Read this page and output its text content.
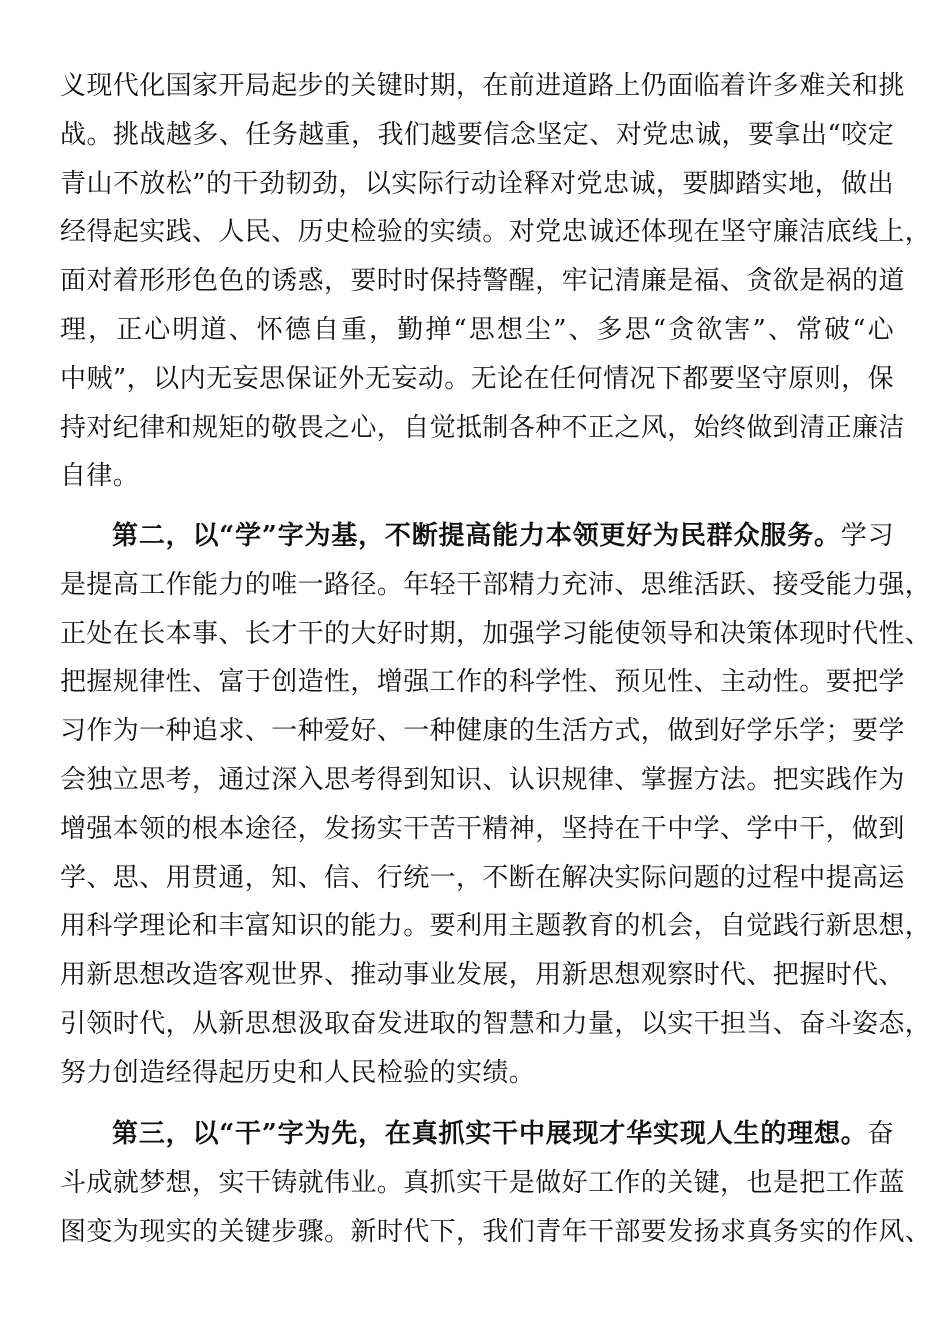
义现代化国家开局起步的关键时期，在前进道路上仍面临着许多难关和挑
战。挑战越多、任务越重，我们越要信念坚定、对党忠诚，要拿出“咬定
青山不放松”的干劲韧劲，以实际行动诠释对党忠诚，要脚踏实地，做出
经得起实践、人民、历史检验的实绩。对党忠诚还体现在坚守廉洁底线上，
面对着形形色色的诱惑，要时时保持警醒，牢记清廉是福、贪欲是祸的道
理，正心明道、怀德自重，勤掸“思想尘”、多思“贪欲害”、常破“心
中贼”，以内无妄思保证外无妄动。无论在任何情况下都要坚守原则，保
持对纪律和规矩的敬畏之心，自觉抵制各种不正之风，始终做到清正廉洁
自律。
第二，以“学”字为基，不断提高能力本领更好为民群众服务。学习
是提高工作能力的唯一路径。年轻干部精力充沛、思维活跃、接受能力强，
正处在长本事、长才干的大好时期，加强学习能使领导和决策体现时代性、
把握规律性、富于创造性，增强工作的科学性、预见性、主动性。要把学
习作为一种追求、一种爱好、一种健康的生活方式，做到好学乐学；要学
会独立思考，通过深入思考得到知识、认识规律、掌握方法。把实践作为
增强本领的根本途径，发扬实干苦干精神，坚持在干中学、学中干，做到
学、思、用贯通，知、信、行统一，不断在解决实际问题的过程中提高运
用科学理论和丰富知识的能力。要利用主题教育的机会，自觉践行新思想，
用新思想改造客观世界、推动事业发展，用新思想观察时代、把握时代、
引领时代，从新思想汲取奋发进取的智慧和力量，以实干担当、奋斗姿态，
努力创造经得起历史和人民检验的实绩。
第三，以“干”字为先，在真抓实干中展现才华实现人生的理想。奋
斗成就梦想，实干铸就伟业。真抓实干是做好工作的关键，也是把工作蓝
图变为现实的关键步骤。新时代下，我们青年干部要发扬求真务实的作风、
